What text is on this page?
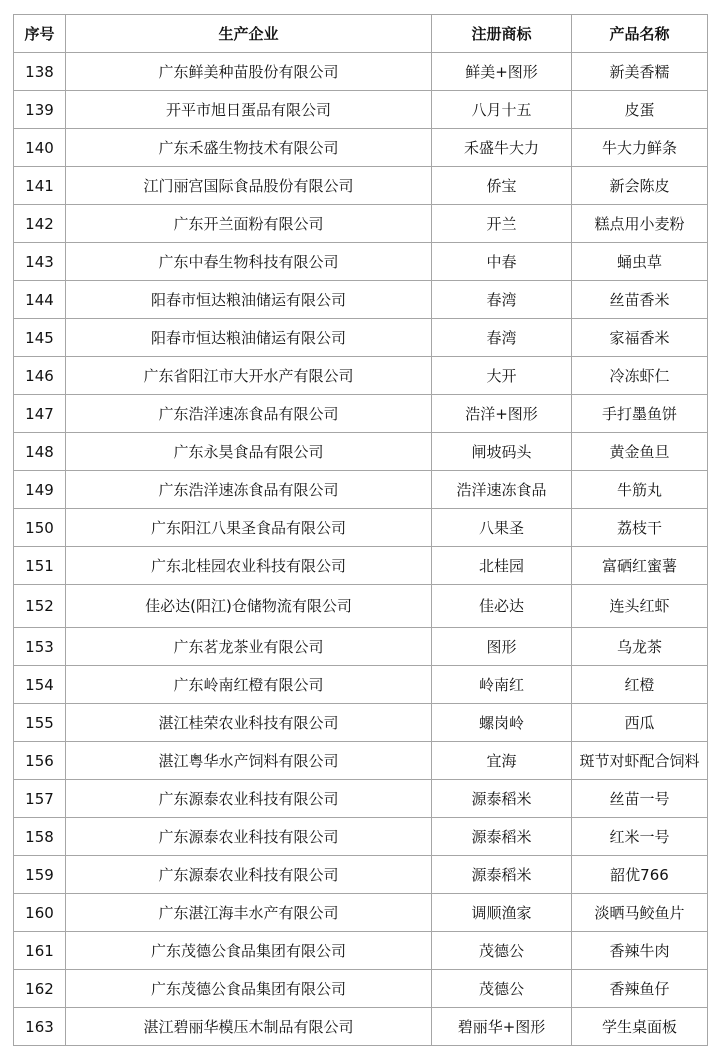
序号	生产企业	注册商标	产品名称
138	广东鲜美种苗股份有限公司	鲜美+图形	新美香糯
139	开平市旭日蛋品有限公司	八月十五	皮蛋
140	广东禾盛生物技术有限公司	禾盛牛大力	牛大力鲜条
141	江门丽宫国际食品股份有限公司	侨宝	新会陈皮
142	广东开兰面粉有限公司	开兰	糕点用小麦粉
143	广东中春生物科技有限公司	中春	蛹虫草
144	阳春市恒达粮油储运有限公司	春湾	丝苗香米
145	阳春市恒达粮油储运有限公司	春湾	家福香米
146	广东省阳江市大开水产有限公司	大开	冷冻虾仁
147	广东浩洋速冻食品有限公司	浩洋+图形	手打墨鱼饼
148	广东永昊食品有限公司	闸坡码头	黄金鱼旦
149	广东浩洋速冻食品有限公司	浩洋速冻食品	牛筋丸
150	广东阳江八果圣食品有限公司	八果圣	荔枝干
151	广东北桂园农业科技有限公司	北桂园	富硒红蜜薯
152	佳必达(阳江)仓储物流有限公司	佳必达	连头红虾
153	广东茗龙茶业有限公司	图形	乌龙茶
154	广东岭南红橙有限公司	岭南红	红橙
155	湛江桂荣农业科技有限公司	螺岗岭	西瓜
156	湛江粤华水产饲料有限公司	宜海	斑节对虾配合饲料
157	广东源泰农业科技有限公司	源泰稻米	丝苗一号
158	广东源泰农业科技有限公司	源泰稻米	红米一号
159	广东源泰农业科技有限公司	源泰稻米	韶优766
160	广东湛江海丰水产有限公司	调顺渔家	淡晒马鲛鱼片
161	广东茂德公食品集团有限公司	茂德公	香辣牛肉
162	广东茂德公食品集团有限公司	茂德公	香辣鱼仔
163	湛江碧丽华模压木制品有限公司	碧丽华+图形	学生桌面板
